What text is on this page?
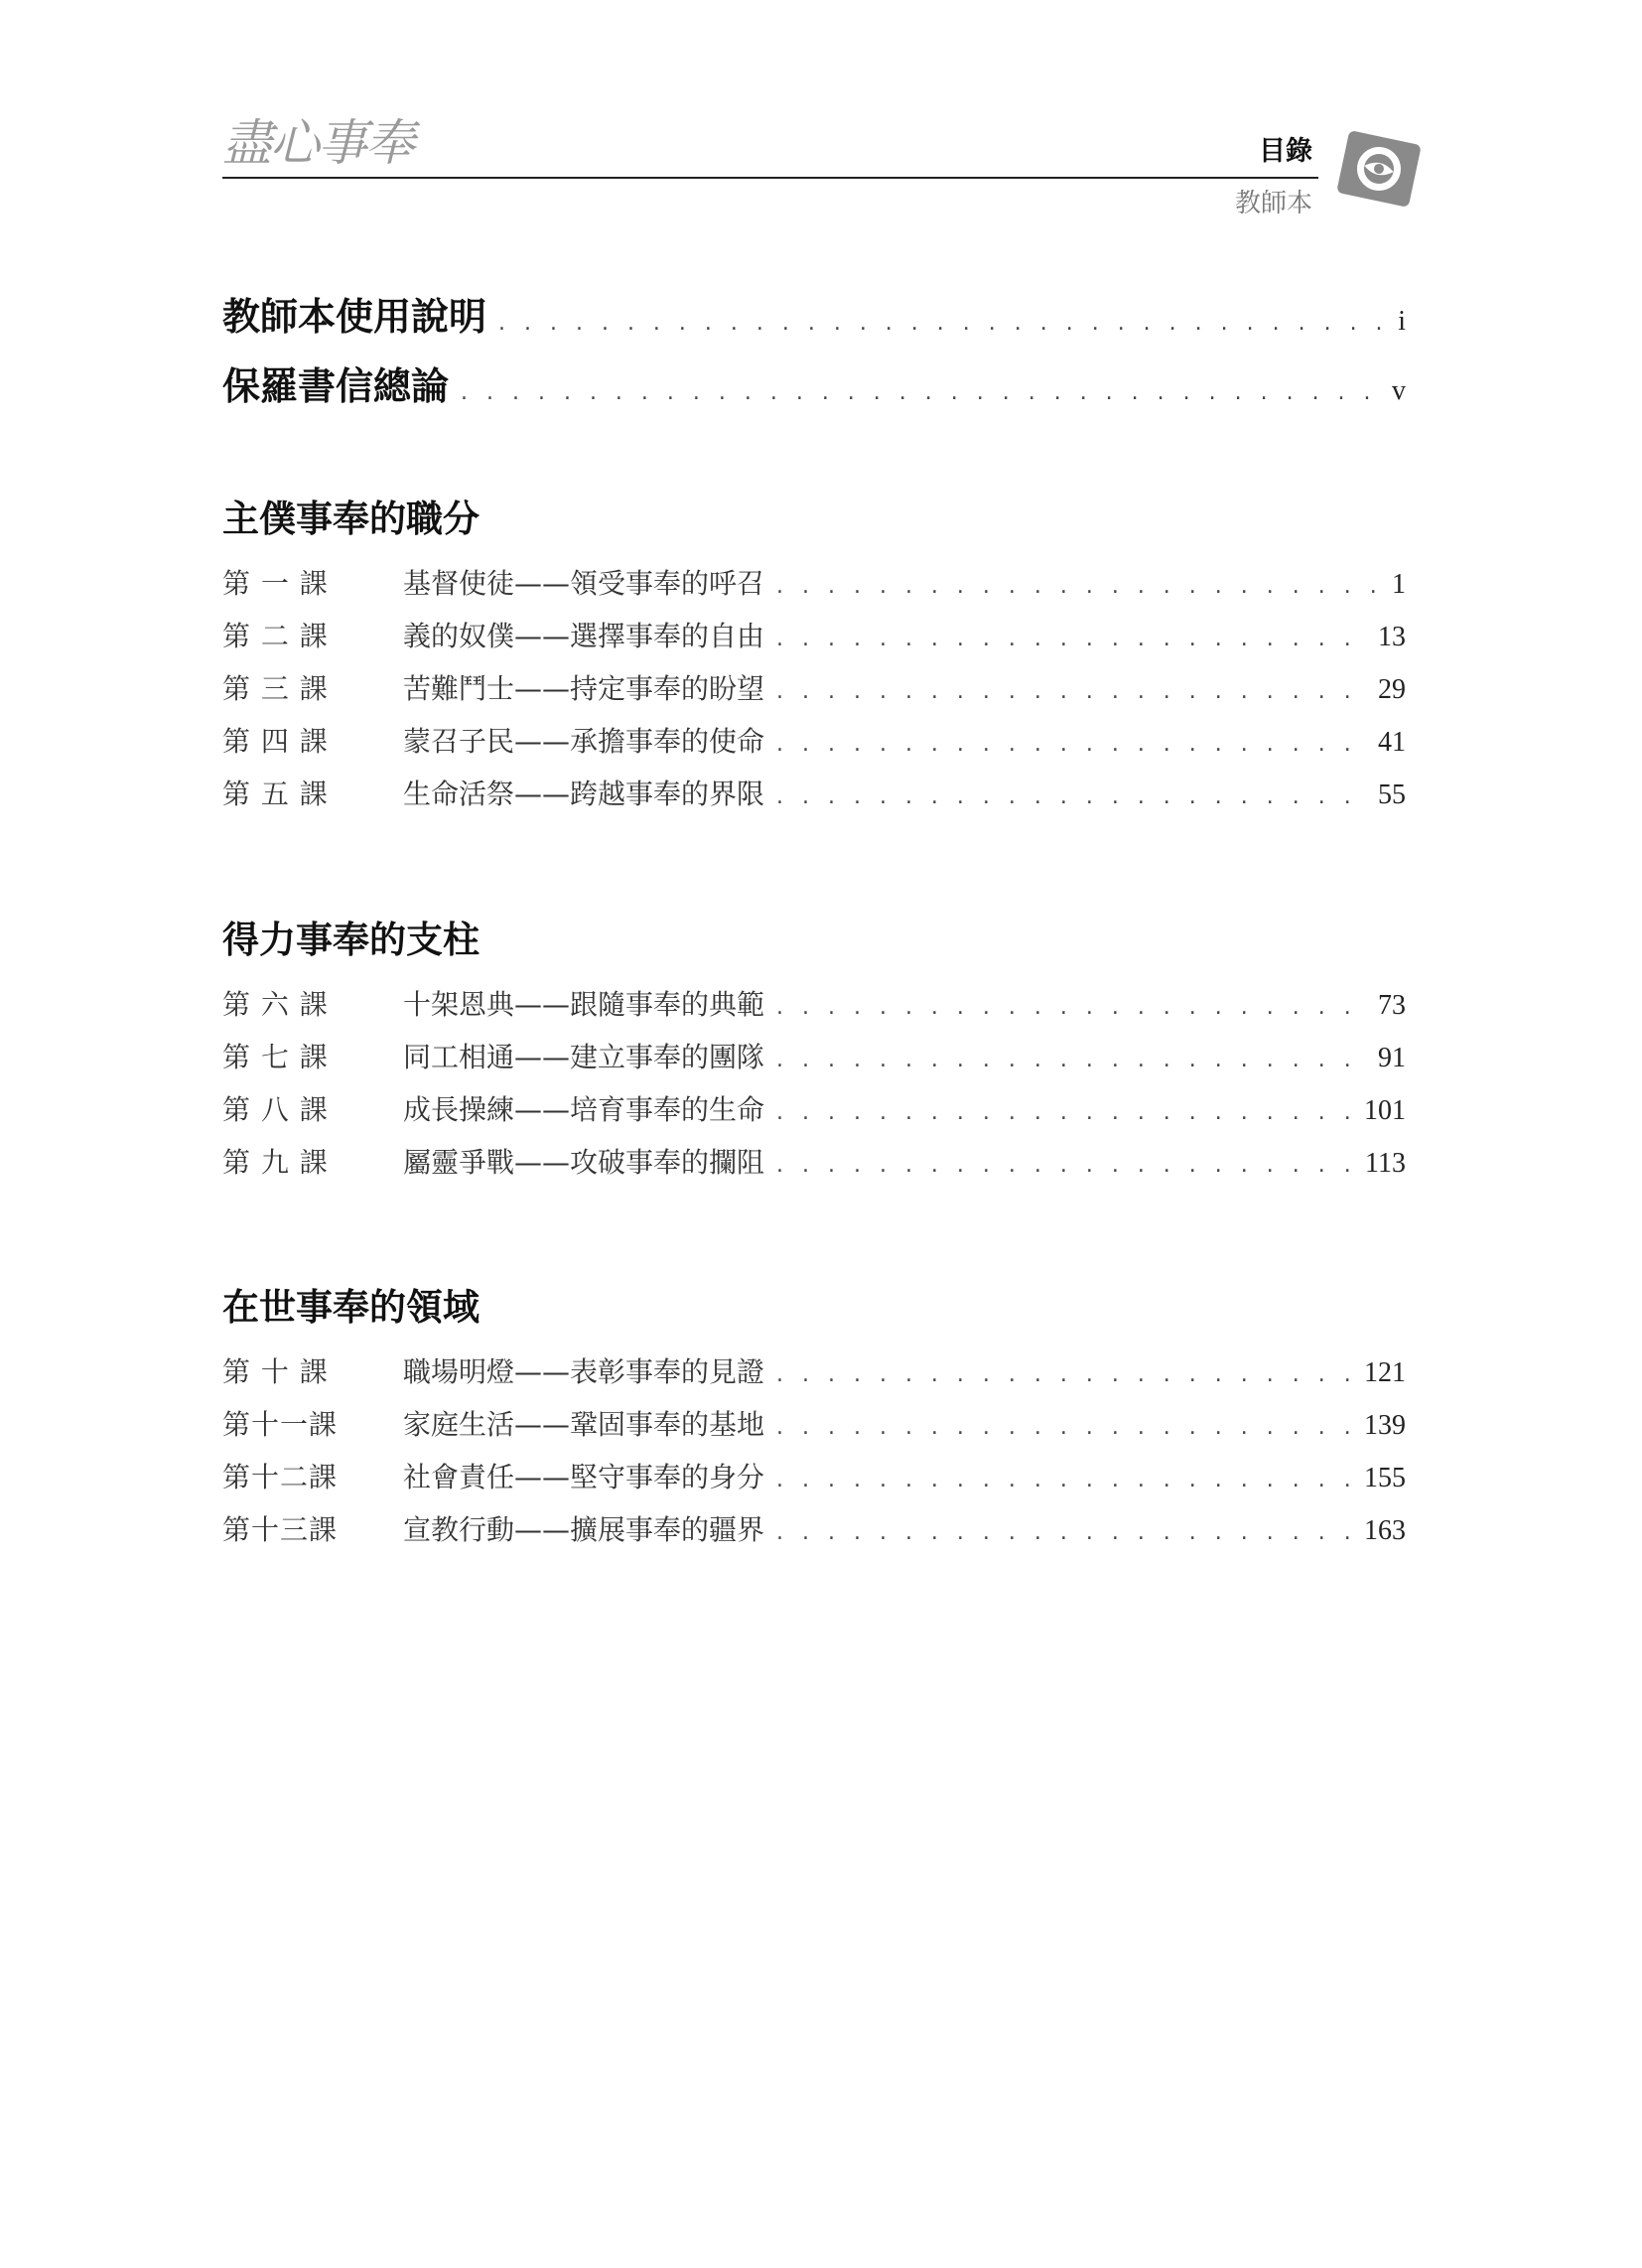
盡心事奉	目錄
教師本
教師本使用說明 . . .	i
保羅書信總論 . . .	v
主僕事奉的職分
第 一 課	基督使徒——領受事奉的呼召 . . .	1
第 二 課	義的奴僕——選擇事奉的自由 . . .	13
第 三 課	苦難鬥士——持定事奉的盼望 . . .	29
第 四 課	蒙召子民——承擔事奉的使命 . . .	41
第 五 課	生命活祭——跨越事奉的界限 . . .	55
得力事奉的支柱
第 六 課	十架恩典——跟隨事奉的典範 . . .	73
第 七 課	同工相通——建立事奉的團隊 . . .	91
第 八 課	成長操練——培育事奉的生命 . . .	101
第 九 課	屬靈爭戰——攻破事奉的攔阻 . . .	113
在世事奉的領域
第 十 課	職場明燈——表彰事奉的見證 . . .	121
第十一課	家庭生活——鞏固事奉的基地 . . .	139
第十二課	社會責任——堅守事奉的身分 . . .	155
第十三課	宣教行動——擴展事奉的疆界 . . .	163
